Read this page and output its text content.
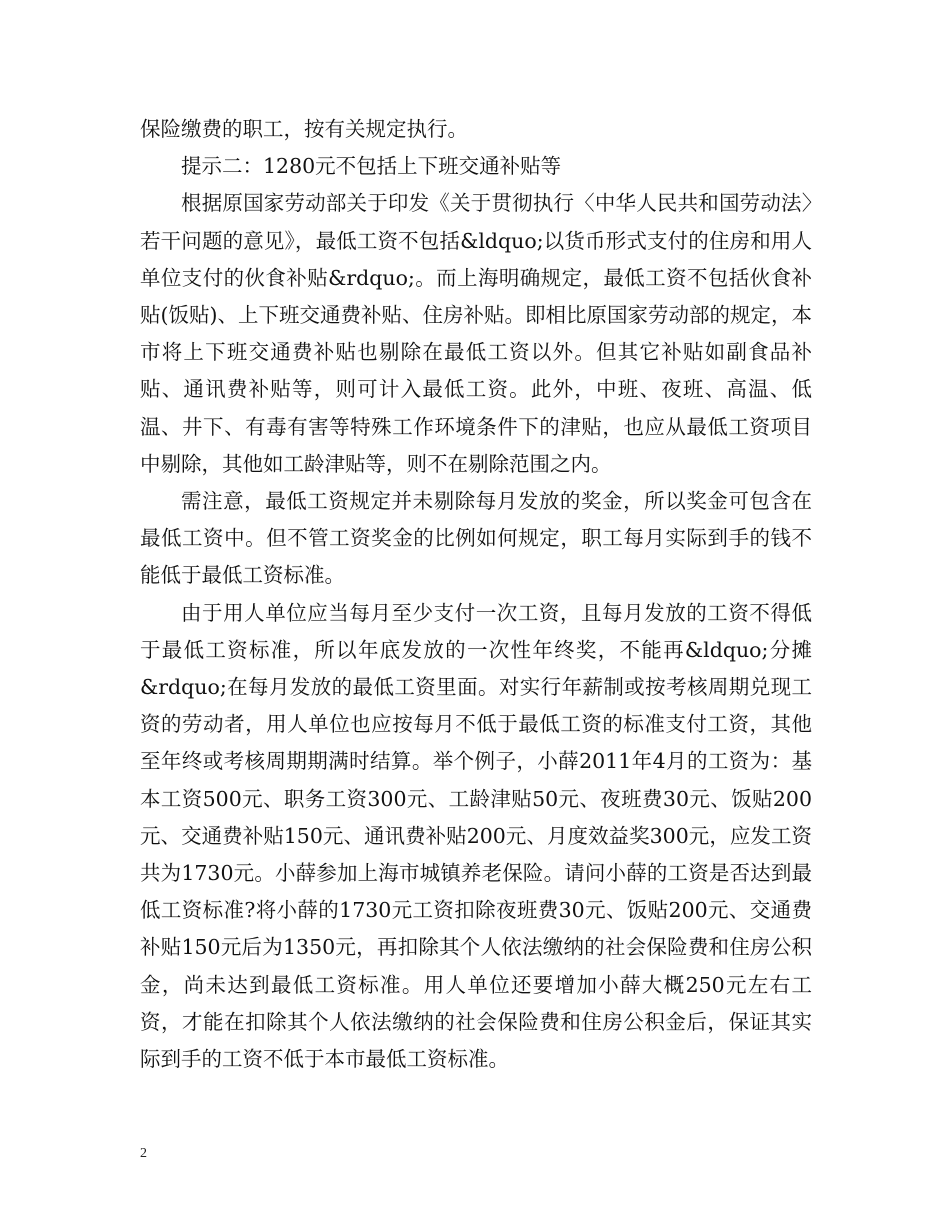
保险缴费的职工，按有关规定执行。

提示二：1280元不包括上下班交通补贴等

根据原国家劳动部关于印发《关于贯彻执行〈中华人民共和国劳动法〉若干问题的意见》，最低工资不包括&ldquo;以货币形式支付的住房和用人单位支付的伙食补贴&rdquo;。而上海明确规定，最低工资不包括伙食补贴(饭贴)、上下班交通费补贴、住房补贴。即相比原国家劳动部的规定，本市将上下班交通费补贴也剔除在最低工资以外。但其它补贴如副食品补贴、通讯费补贴等，则可计入最低工资。此外，中班、夜班、高温、低温、井下、有毒有害等特殊工作环境条件下的津贴，也应从最低工资项目中剔除，其他如工龄津贴等，则不在剔除范围之内。

需注意，最低工资规定并未剔除每月发放的奖金，所以奖金可包含在最低工资中。但不管工资奖金的比例如何规定，职工每月实际到手的钱不能低于最低工资标准。

由于用人单位应当每月至少支付一次工资，且每月发放的工资不得低于最低工资标准，所以年底发放的一次性年终奖，不能再&ldquo;分摊&rdquo;在每月发放的最低工资里面。对实行年薪制或按考核周期兑现工资的劳动者，用人单位也应按每月不低于最低工资的标准支付工资，其他至年终或考核周期期满时结算。举个例子，小薛2011年4月的工资为：基本工资500元、职务工资300元、工龄津贴50元、夜班费30元、饭贴200元、交通费补贴150元、通讯费补贴200元、月度效益奖300元，应发工资共为1730元。小薛参加上海市城镇养老保险。请问小薛的工资是否达到最低工资标准?将小薛的1730元工资扣除夜班费30元、饭贴200元、交通费补贴150元后为1350元，再扣除其个人依法缴纳的社会保险费和住房公积金，尚未达到最低工资标准。用人单位还要增加小薛大概250元左右工资，才能在扣除其个人依法缴纳的社会保险费和住房公积金后，保证其实际到手的工资不低于本市最低工资标准。

2
